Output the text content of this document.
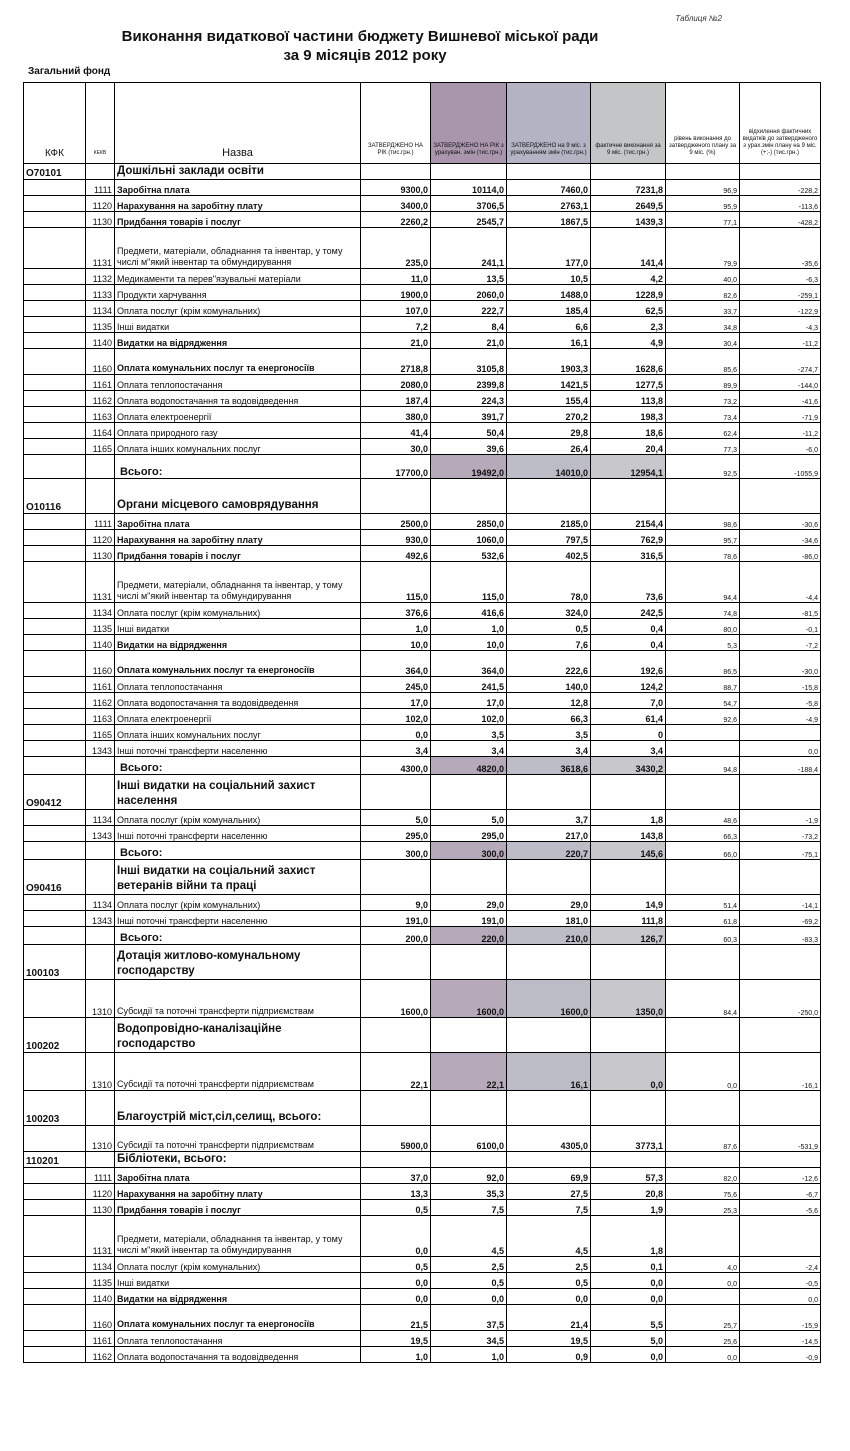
Таблиця №2
Виконання видаткової частини бюджету Вишневої міської ради
за 9 місяців 2012 року
Загальний фонд
КФК	КЕКВ	Назва	ЗАТВЕРДЖЕНО НА РІК (тис.грн.)	ЗАТВЕРДЖЕНО НА РІК з урахуван. змін (тис.грн.)	ЗАТВЕРДЖЕНО на 9 міс. з урахуванням змін (тис.грн.)	фактичне виконання за 9 міс. (тис.грн.)	рівень виконання до затвердженого плану за 9 міс. (%)	відхилення фактичних видатків до затвердженого з урах.змін плану на 9 міс. (+;-) (тис.грн.)
О70101		Дошкільні заклади освіти						
	1111	Заробітна плата	9300,0	10114,0	7460,0	7231,8	96,9	-228,2
	1120	Нарахування на заробітну плату	3400,0	3706,5	2763,1	2649,5	95,9	-113,6
	1130	Придбання товарів і послуг	2260,2	2545,7	1867,5	1439,3	77,1	-428,2
	1131	Предмети, матеріали, обладнання та інвентар, у тому числі м"який інвентар та обмундирування	235,0	241,1	177,0	141,4	79,9	-35,6
	1132	Медикаменти та перев"язувальні матеріали	11,0	13,5	10,5	4,2	40,0	-6,3
	1133	Продукти харчування	1900,0	2060,0	1488,0	1228,9	82,6	-259,1
	1134	Оплата послуг (крім комунальних)	107,0	222,7	185,4	62,5	33,7	-122,9
	1135	Інші видатки	7,2	8,4	6,6	2,3	34,8	-4,3
	1140	Видатки на відрядження	21,0	21,0	16,1	4,9	30,4	-11,2
	1160	Оплата комунальних послуг та енергоносіїв	2718,8	3105,8	1903,3	1628,6	85,6	-274,7
	1161	Оплата теплопостачання	2080,0	2399,8	1421,5	1277,5	89,9	-144,0
	1162	Оплата водопостачання та водовідведення	187,4	224,3	155,4	113,8	73,2	-41,6
	1163	Оплата електроенергії	380,0	391,7	270,2	198,3	73,4	-71,9
	1164	Оплата природного газу	41,4	50,4	29,8	18,6	62,4	-11,2
	1165	Оплата інших комунальних послуг	30,0	39,6	26,4	20,4	77,3	-6,0
		Всього:	17700,0	19492,0	14010,0	12954,1	92,5	-1055,9
О10116		Органи місцевого самоврядування						
	1111	Заробітна плата	2500,0	2850,0	2185,0	2154,4	98,6	-30,6
	1120	Нарахування на заробітну плату	930,0	1060,0	797,5	762,9	95,7	-34,6
	1130	Придбання товарів і послуг	492,6	532,6	402,5	316,5	78,6	-86,0
	1131	Предмети, матеріали, обладнання та інвентар, у тому числі м"який інвентар та обмундирування	115,0	115,0	78,0	73,6	94,4	-4,4
	1134	Оплата послуг (крім комунальних)	376,6	416,6	324,0	242,5	74,8	-81,5
	1135	Інші видатки	1,0	1,0	0,5	0,4	80,0	-0,1
	1140	Видатки на відрядження	10,0	10,0	7,6	0,4	5,3	-7,2
	1160	Оплата комунальних послуг та енергоносіїв	364,0	364,0	222,6	192,6	86,5	-30,0
	1161	Оплата теплопостачання	245,0	241,5	140,0	124,2	88,7	-15,8
	1162	Оплата водопостачання та водовідведення	17,0	17,0	12,8	7,0	54,7	-5,8
	1163	Оплата електроенергії	102,0	102,0	66,3	61,4	92,6	-4,9
	1165	Оплата інших комунальних послуг	0,0	3,5	3,5	0		
	1343	Інші поточні трансферти населенню	3,4	3,4	3,4	3,4		0,0
		Всього:	4300,0	4820,0	3618,6	3430,2	94,8	-188,4
О90412		Інші видатки на соціальний захист населення						
	1134	Оплата послуг (крім комунальних)	5,0	5,0	3,7	1,8	48,6	-1,9
	1343	Інші поточні трансферти населенню	295,0	295,0	217,0	143,8	66,3	-73,2
		Всього:	300,0	300,0	220,7	145,6	66,0	-75,1
О90416		Інші видатки на соціальний захист ветеранів війни та праці						
	1134	Оплата послуг (крім комунальних)	9,0	29,0	29,0	14,9	51,4	-14,1
	1343	Інші поточні трансферти населенню	191,0	191,0	181,0	111,8	61,8	-69,2
		Всього:	200,0	220,0	210,0	126,7	60,3	-83,3
100103		Дотація житлово-комунальному господарству						
	1310	Субсидії та поточні трансферти підприємствам	1600,0	1600,0	1600,0	1350,0	84,4	-250,0
100202		Водопровідно-каналізаційне господарство						
	1310	Субсидії та поточні трансферти підприємствам	22,1	22,1	16,1	0,0	0,0	-16,1
100203		Благоустрій міст,сіл,селищ, всього:						
	1310	Субсидії та поточні трансферти підприємствам	5900,0	6100,0	4305,0	3773,1	87,6	-531,9
110201		Бібліотеки, всього:						
	1111	Заробітна плата	37,0	92,0	69,9	57,3	82,0	-12,6
	1120	Нарахування на заробітну плату	13,3	35,3	27,5	20,8	75,6	-6,7
	1130	Придбання товарів і послуг	0,5	7,5	7,5	1,9	25,3	-5,6
	1131	Предмети, матеріали, обладнання та інвентар, у тому числі м"який інвентар та обмундирування	0,0	4,5	4,5	1,8		
	1134	Оплата послуг (крім комунальних)	0,5	2,5	2,5	0,1	4,0	-2,4
	1135	Інші видатки	0,0	0,5	0,5	0,0	0,0	-0,5
	1140	Видатки на відрядження	0,0	0,0	0,0	0,0		0,0
	1160	Оплата комунальних послуг та енергоносіїв	21,5	37,5	21,4	5,5	25,7	-15,9
	1161	Оплата теплопостачання	19,5	34,5	19,5	5,0	25,6	-14,5
	1162	Оплата водопостачання та водовідведення	1,0	1,0	0,9	0,0	0,0	-0,9
